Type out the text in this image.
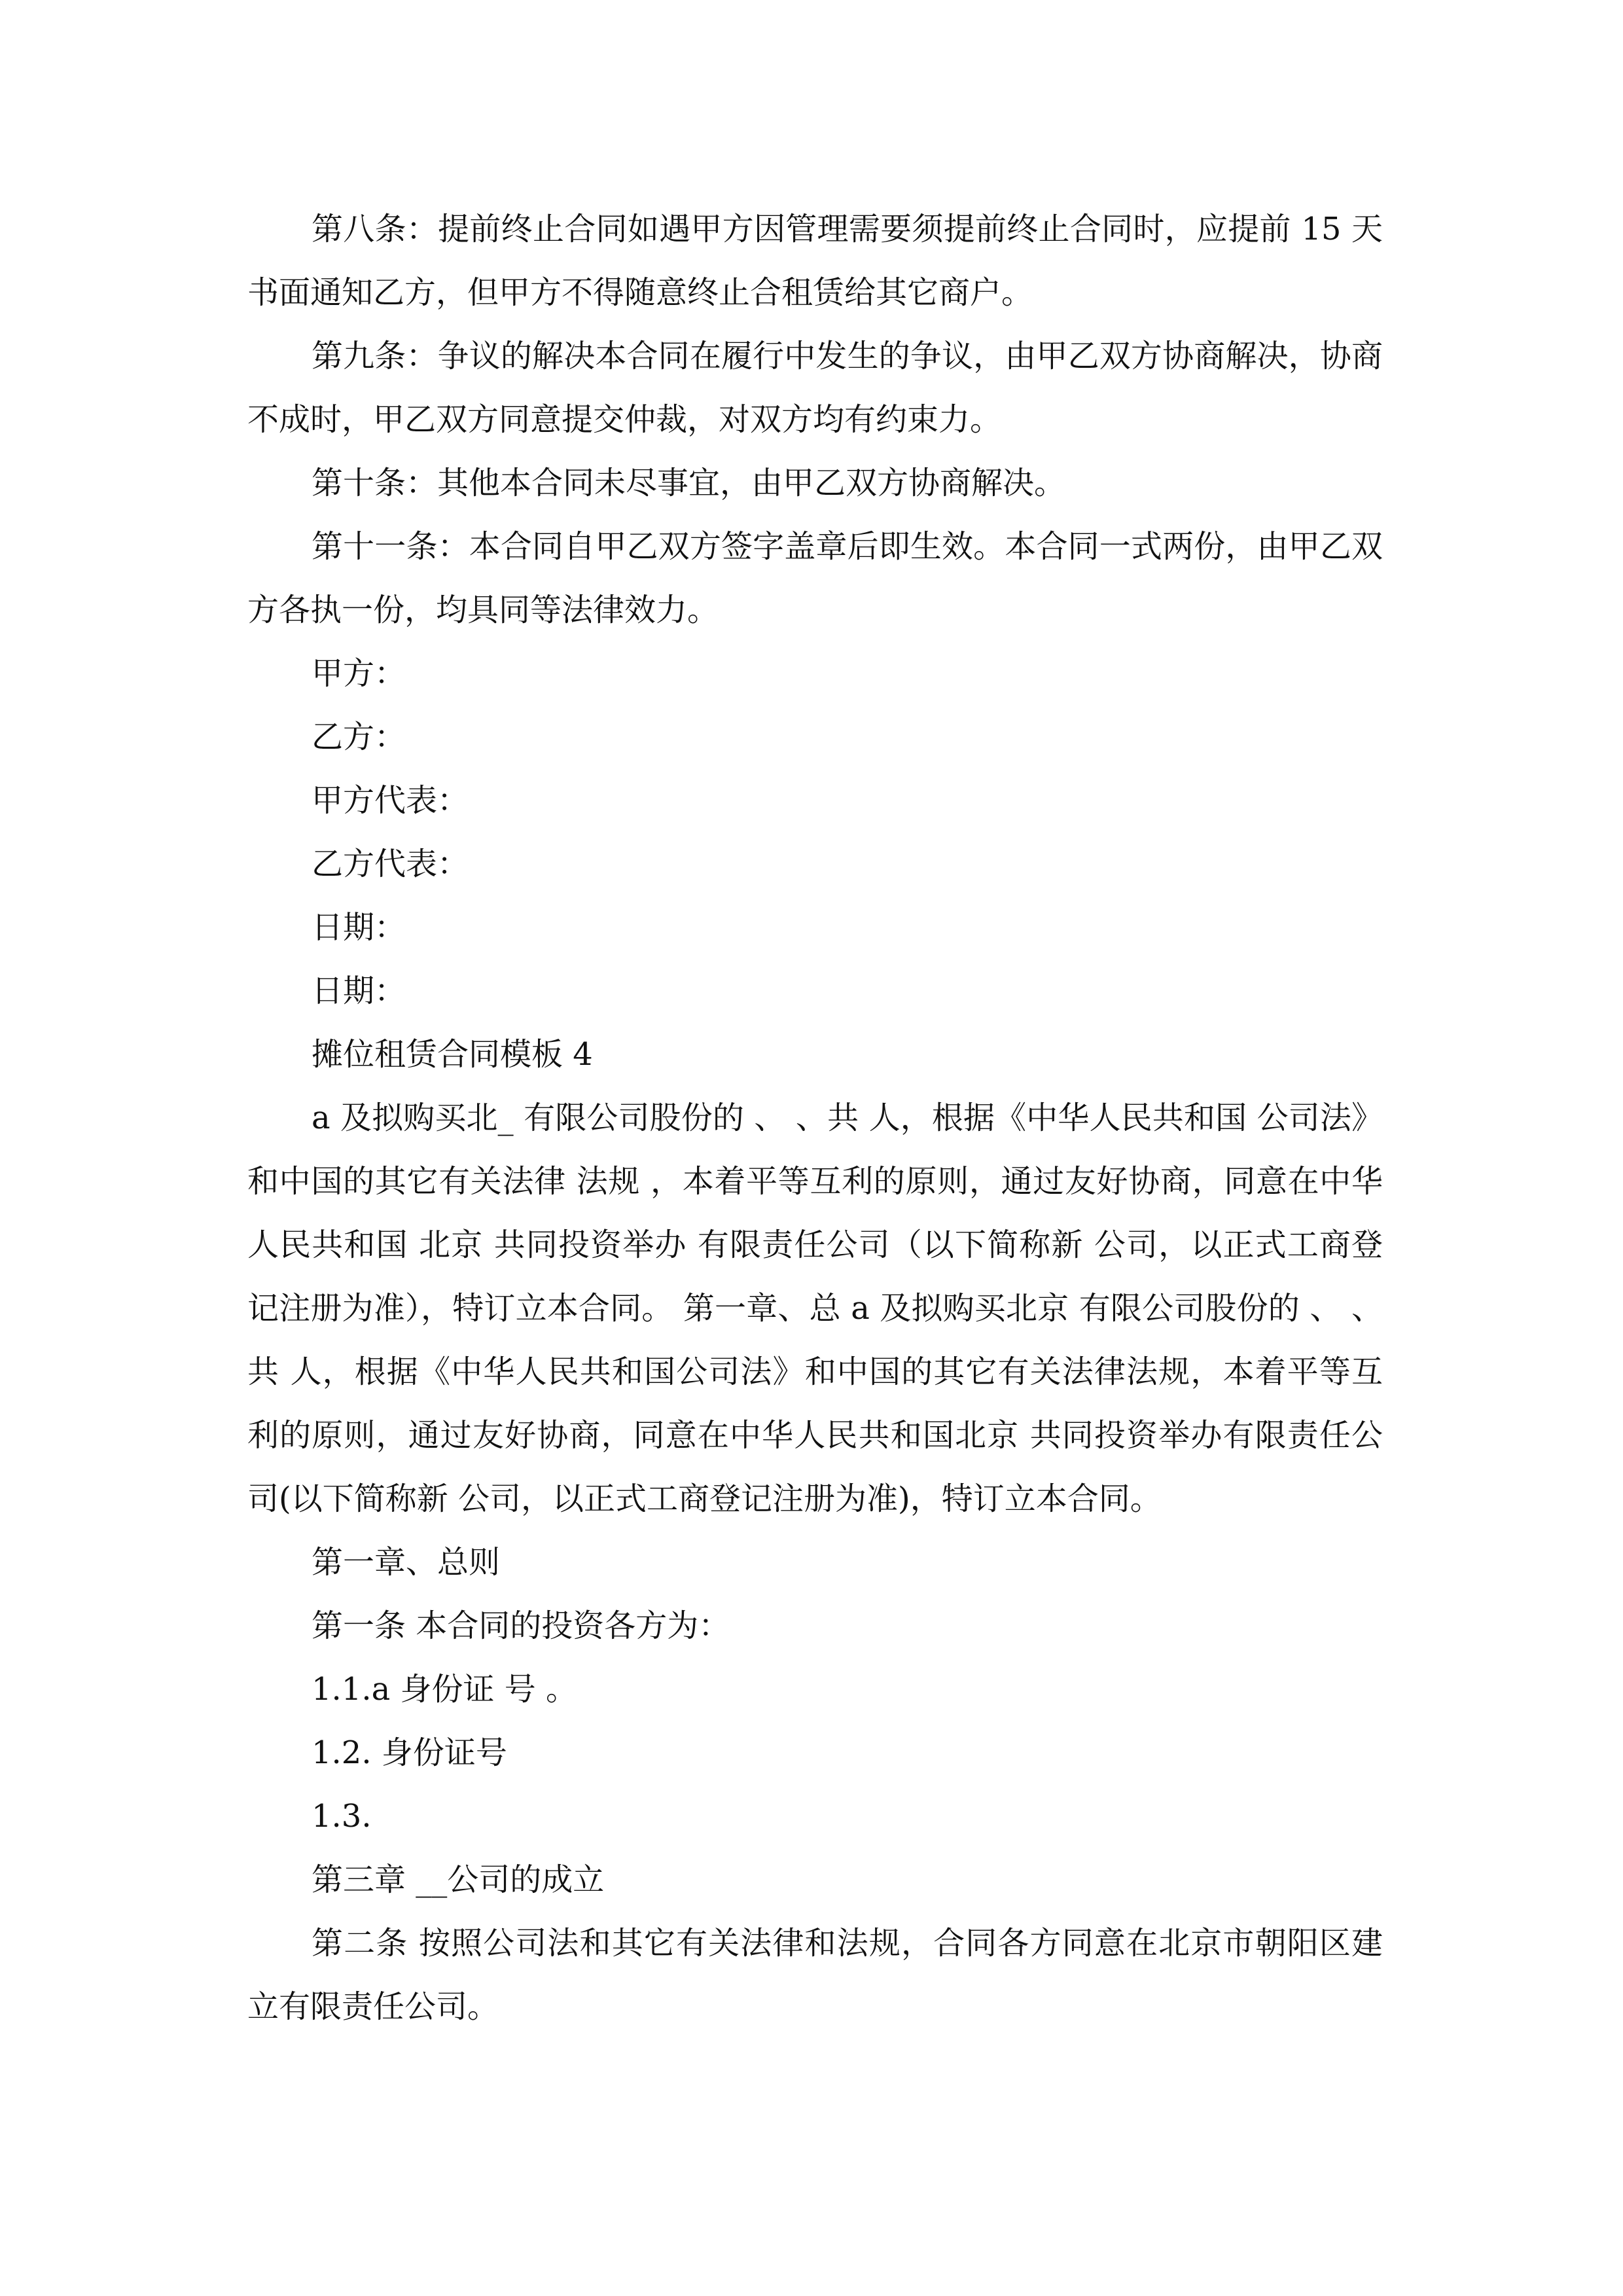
第八条：提前终止合同如遇甲方因管理需要须提前终止合同时，应提前 15 天书面通知乙方，但甲方不得随意终止合租赁给其它商户。

第九条：争议的解决本合同在履行中发生的争议，由甲乙双方协商解决，协商不成时，甲乙双方同意提交仲裁，对双方均有约束力。

第十条：其他本合同未尽事宜，由甲乙双方协商解决。

第十一条：本合同自甲乙双方签字盖章后即生效。本合同一式两份，由甲乙双方各执一份，均具同等法律效力。

甲方：

乙方：

甲方代表：

乙方代表：

日期：

日期：

摊位租赁合同模板 4

a 及拟购买北_ 有限公司股份的 、 、共 人，根据《中华人民共和国 公司法》和中国的其它有关法律 法规 ，本着平等互利的原则，通过友好协商，同意在中华人民共和国 北京 共同投资举办 有限责任公司（以下简称新 公司，以正式工商登记注册为准），特订立本合同。 第一章、总 a 及拟购买北京 有限公司股份的 、 、共 人，根据《中华人民共和国公司法》和中国的其它有关法律法规，本着平等互利的原则，通过友好协商，同意在中华人民共和国北京 共同投资举办有限责任公司(以下简称新 公司，以正式工商登记注册为准)，特订立本合同。

第一章、总则

第一条 本合同的投资各方为：

1.1.a 身份证 号 。

1.2. 身份证号

1.3.

第三章 __公司的成立

第二条 按照公司法和其它有关法律和法规，合同各方同意在北京市朝阳区建立有限责任公司。
